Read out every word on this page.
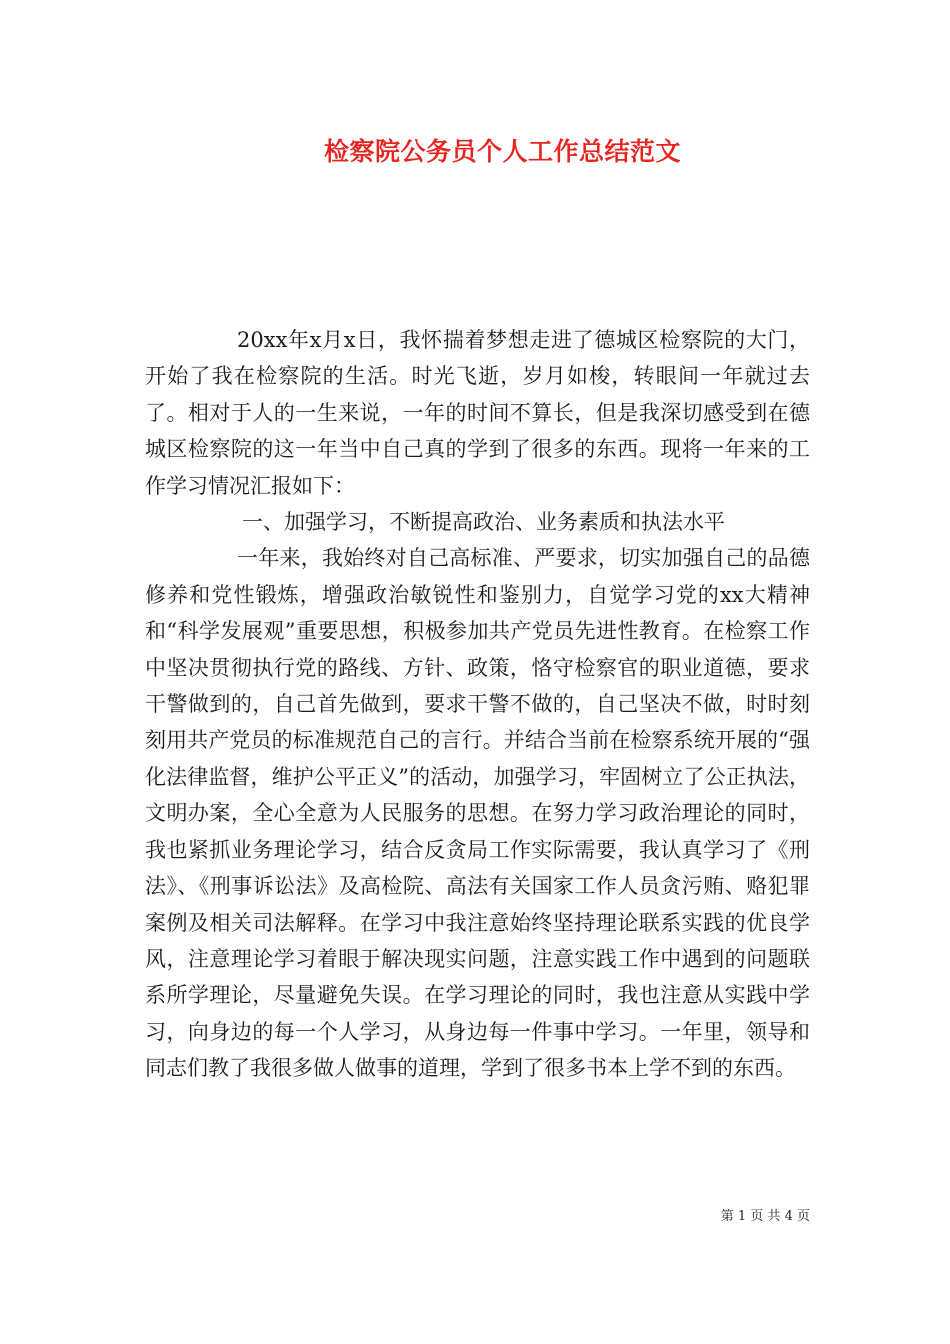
检察院公务员个人工作总结范文

20xx年x月x日，我怀揣着梦想走进了德城区检察院的大门，开始了我在检察院的生活。时光飞逝，岁月如梭，转眼间一年就过去了。相对于人的一生来说，一年的时间不算长，但是我深切感受到在德城区检察院的这一年当中自己真的学到了很多的东西。现将一年来的工作学习情况汇报如下：

一、加强学习，不断提高政治、业务素质和执法水平

一年来，我始终对自己高标准、严要求，切实加强自己的品德修养和党性锻炼，增强政治敏锐性和鉴别力，自觉学习党的xx大精神和“科学发展观”重要思想，积极参加共产党员先进性教育。在检察工作中坚决贯彻执行党的路线、方针、政策，恪守检察官的职业道德，要求干警做到的，自己首先做到，要求干警不做的，自己坚决不做，时时刻刻用共产党员的标准规范自己的言行。并结合当前在检察系统开展的“强化法律监督，维护公平正义”的活动，加强学习，牢固树立了公正执法，文明办案，全心全意为人民服务的思想。在努力学习政治理论的同时，我也紧抓业务理论学习，结合反贪局工作实际需要，我认真学习了《刑法》、《刑事诉讼法》及高检院、高法有关国家工作人员贪污贿、赂犯罪案例及相关司法解释。在学习中我注意始终坚持理论联系实践的优良学风，注意理论学习着眼于解决现实问题，注意实践工作中遇到的问题联系所学理论，尽量避免失误。在学习理论的同时，我也注意从实践中学习，向身边的每一个人学习，从身边每一件事中学习。一年里，领导和同志们教了我很多做人做事的道理，学到了很多书本上学不到的东西。

第 1 页 共 4 页
